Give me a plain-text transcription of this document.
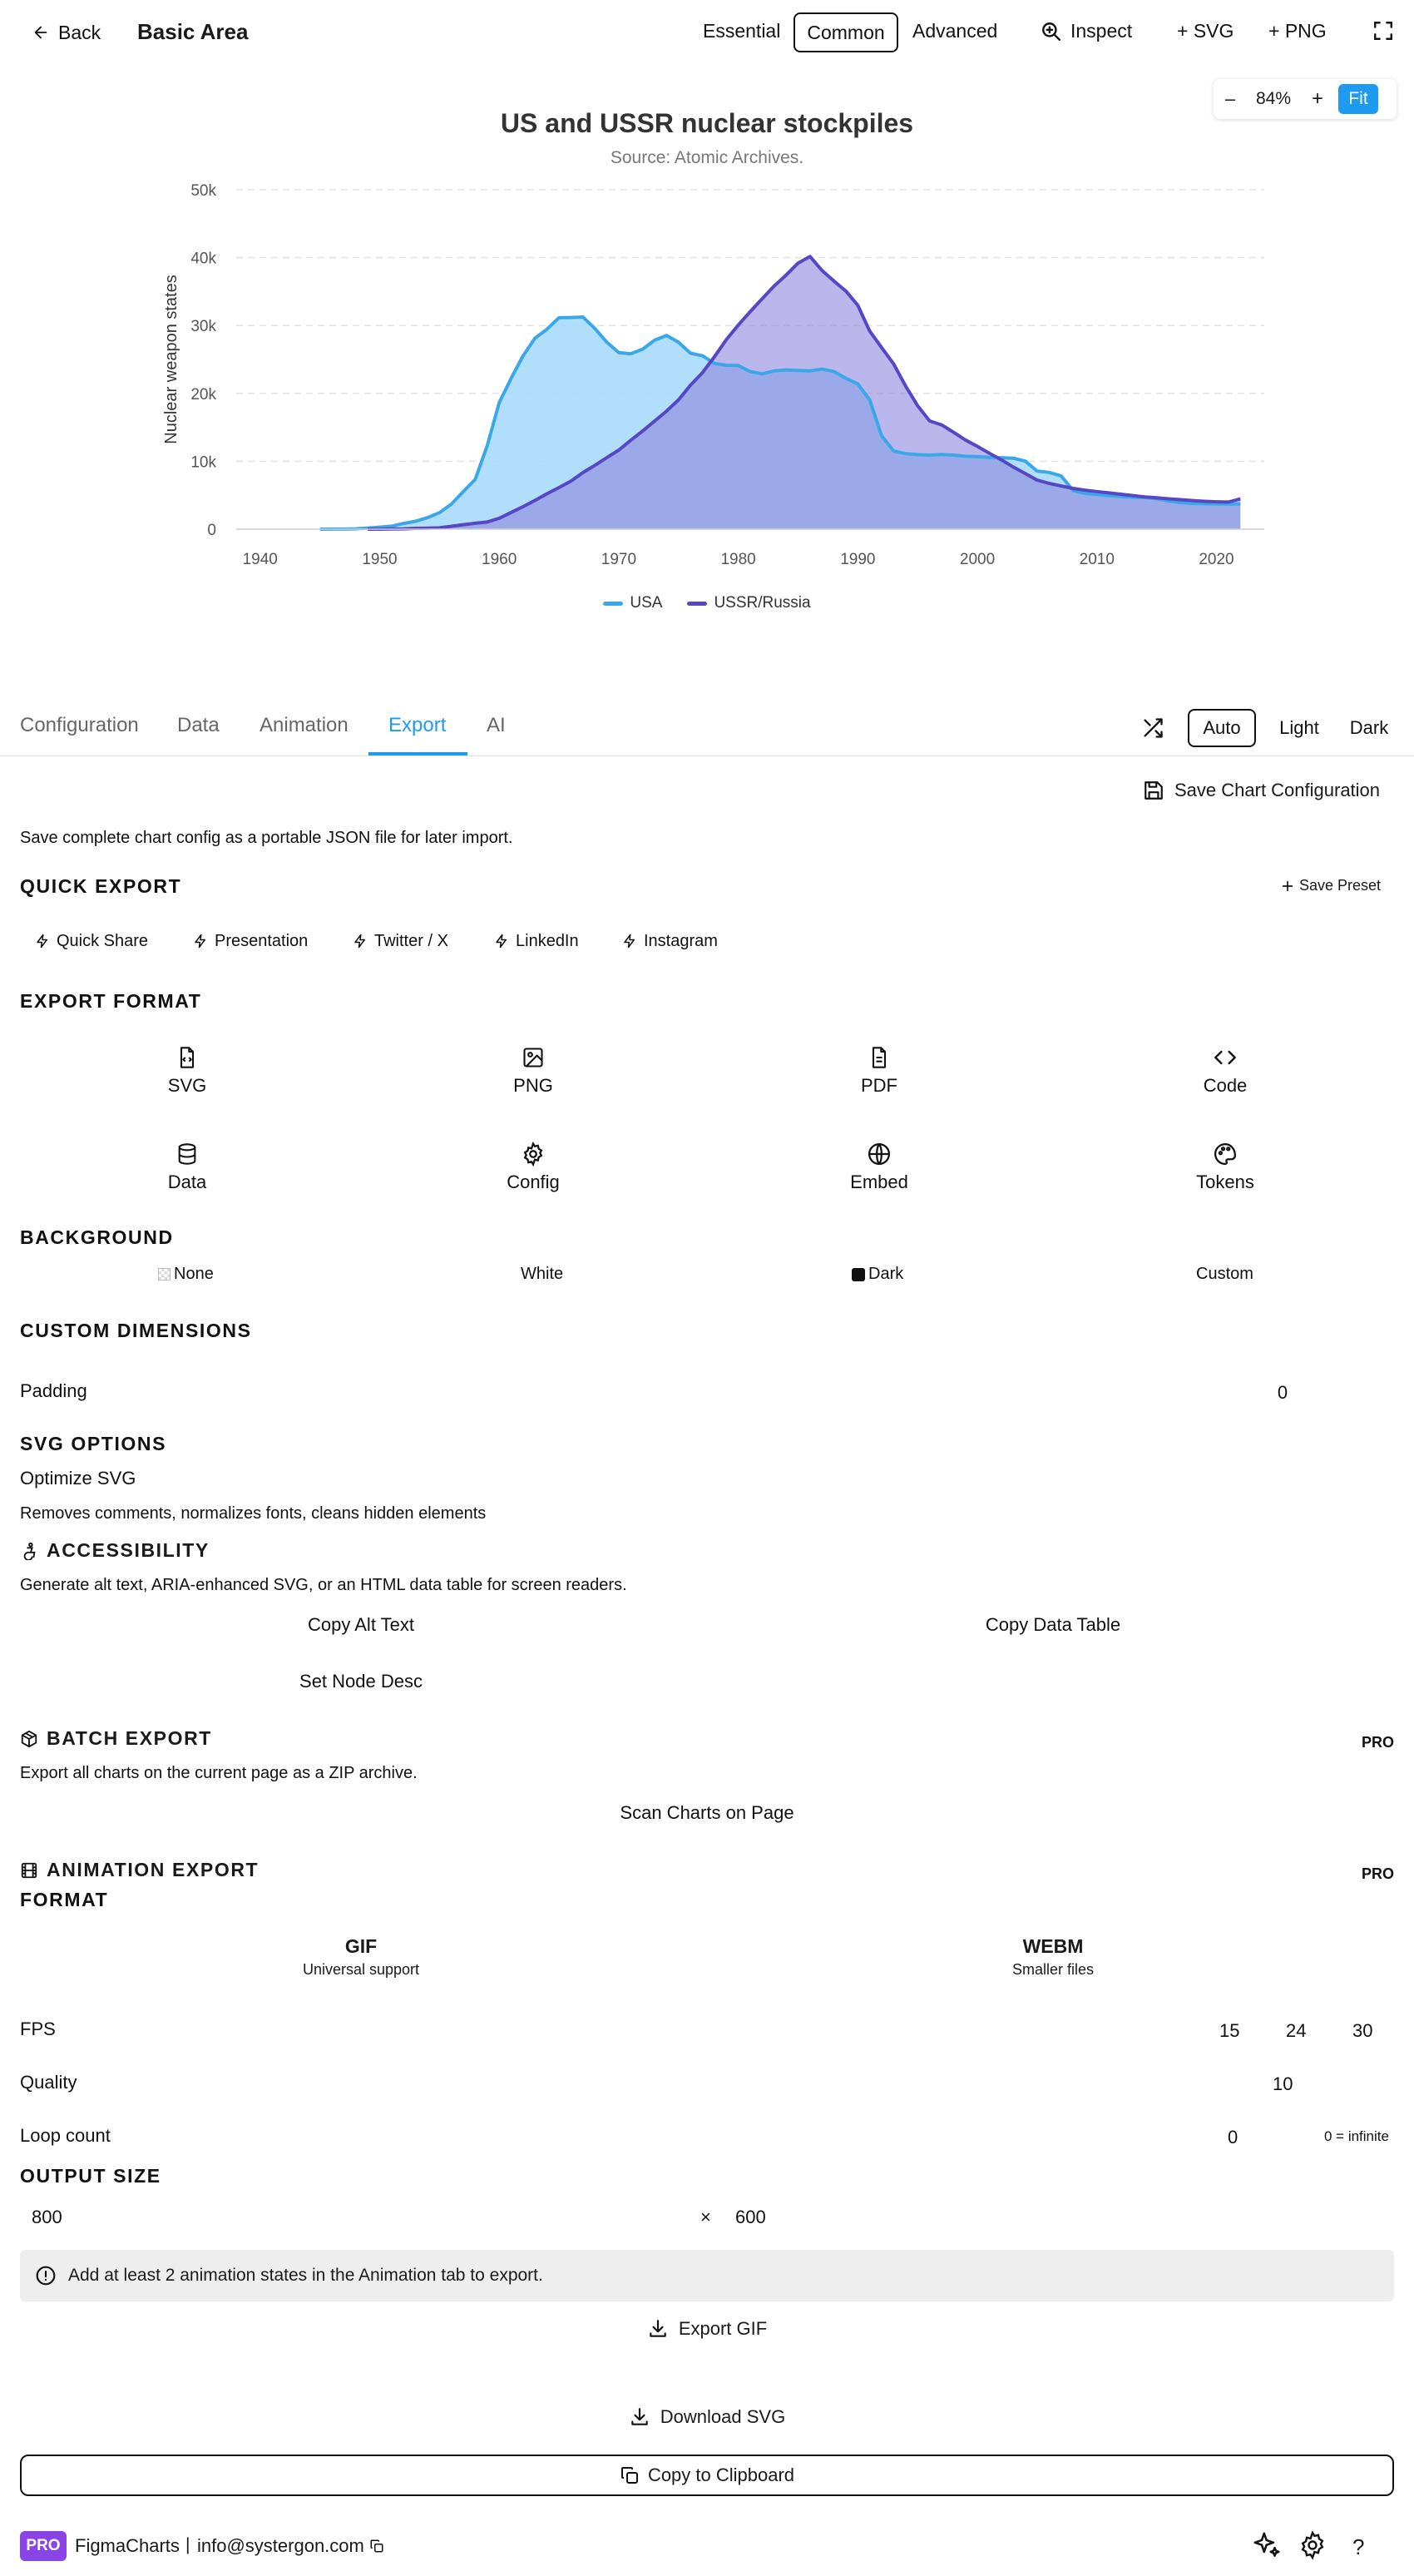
Back Basic Area	Essential Common Advanced	Inspect + SVG + PNG
–	84%	+	Fit
US and USSR nuclear stockpiles
Source: Atomic Archives.
0
10k
20k
30k
40k
50k
1940	1950	1960	1970	1980	1990	2000	2010	2020
Nuclear weapon states
USA	USSR/Russia
Configuration Data Animation Export AI	Auto	Light	Dark
Save Chart Configuration
Save complete chart config as a portable JSON file for later import.
QUICK EXPORT	Save Preset
Quick Share	Presentation	Twitter / X	LinkedIn	Instagram
EXPORT FORMAT
SVG	PNG	PDF	Code
Data	Config	Embed	Tokens
BACKGROUND
None	White	Dark	Custom
CUSTOM DIMENSIONS
Padding	0
SVG OPTIONS
Optimize SVG
Removes comments, normalizes fonts, cleans hidden elements
ACCESSIBILITY
Generate alt text, ARIA-enhanced SVG, or an HTML data table for screen readers.
Copy Alt Text	Copy Data Table
Set Node Desc
BATCH EXPORT	PRO
Export all charts on the current page as a ZIP archive.
Scan Charts on Page
ANIMATION EXPORT	PRO
FORMAT
GIF
Universal support
WEBM
Smaller files
FPS	15	24	30
Quality	10
Loop count	0	0 = infinite
OUTPUT SIZE
800	× 600
Add at least 2 animation states in the Animation tab to export.
Export GIF
Download SVG
Copy to Clipboard
PRO FigmaCharts | info@systergon.com	?
